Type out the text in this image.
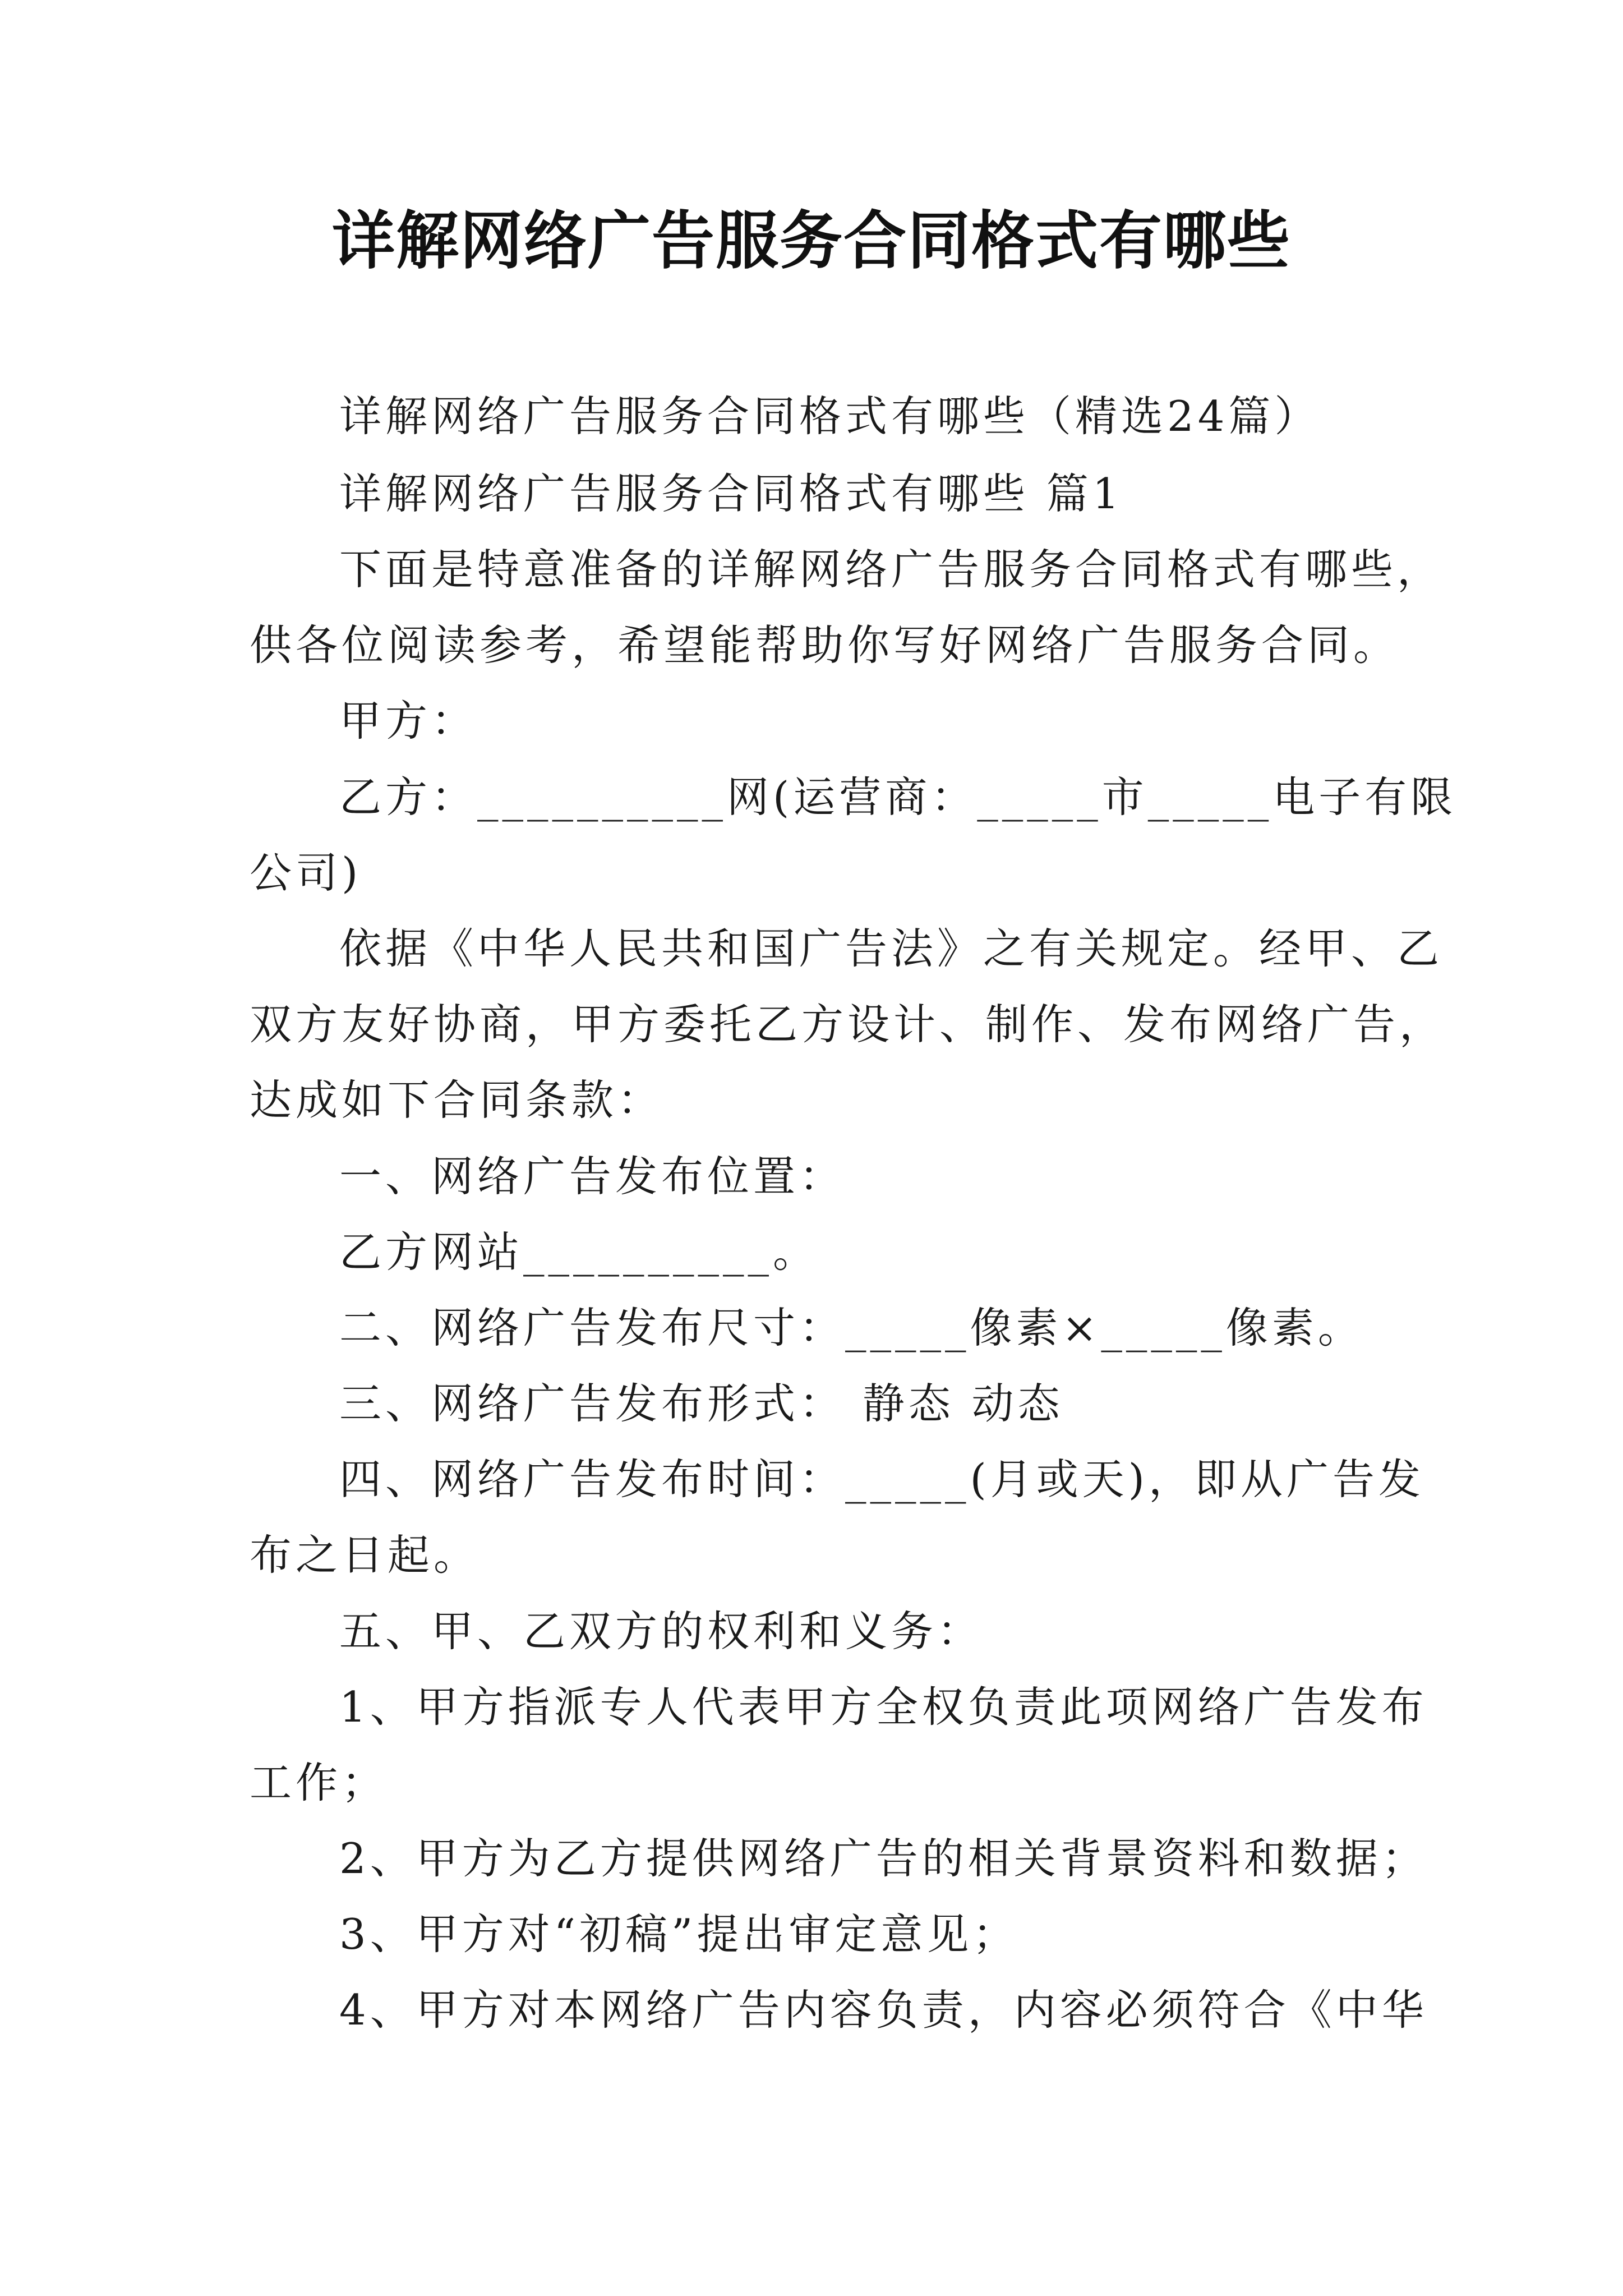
详解网络广告服务合同格式有哪些
详解网络广告服务合同格式有哪些（精选24篇）
详解网络广告服务合同格式有哪些 篇1
下面是特意准备的详解网络广告服务合同格式有哪些，
供各位阅读参考，希望能帮助你写好网络广告服务合同。
甲方：
乙方：__________网(运营商：_____市_____电子有限
公司)
依据《中华人民共和国广告法》之有关规定。经甲、乙
双方友好协商，甲方委托乙方设计、制作、发布网络广告，
达成如下合同条款：
一、网络广告发布位置：
乙方网站__________。
二、网络广告发布尺寸：_____像素×_____像素。
三、网络广告发布形式： 静态 动态
四、网络广告发布时间：_____(月或天)，即从广告发
布之日起。
五、甲、乙双方的权利和义务：
1、甲方指派专人代表甲方全权负责此项网络广告发布
工作；
2、甲方为乙方提供网络广告的相关背景资料和数据；
3、甲方对“初稿”提出审定意见；
4、甲方对本网络广告内容负责，内容必须符合《中华
